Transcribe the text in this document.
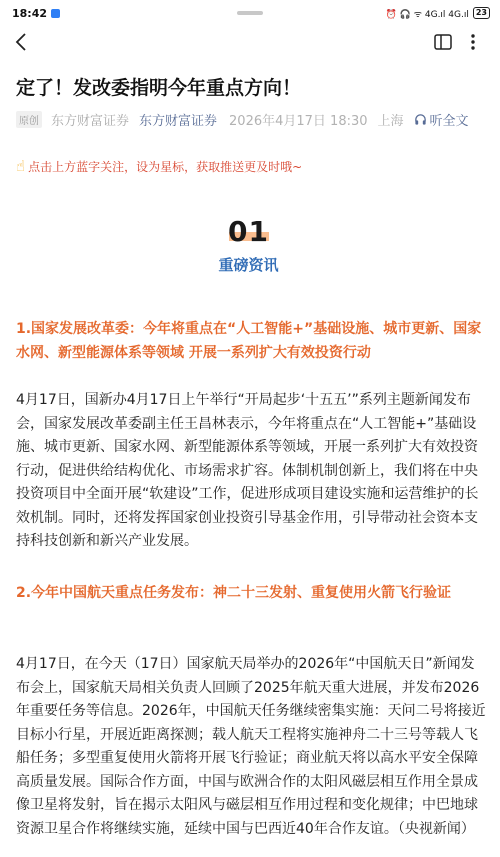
18:42	⏰ 🎧 ᯤ 4G.ıl 4G.ıl 23
定了！发改委指明今年重点方向！
原创 东方财富证券 东方财富证券 2026年4月17日 18:30 上海 听全文
☝ 点击上方蓝字关注，设为星标，获取推送更及时哦~
01
重磅资讯
1.国家发展改革委：今年将重点在“人工智能+”基础设施、城市更新、国家水网、新型能源体系等领域 开展一系列扩大有效投资行动
4月17日，国新办4月17日上午举行“开局起步‘十五五’”系列主题新闻发布会，国家发展改革委副主任王昌林表示，今年将重点在“人工智能+”基础设施、城市更新、国家水网、新型能源体系等领域，开展一系列扩大有效投资行动，促进供给结构优化、市场需求扩容。体制机制创新上，我们将在中央投资项目中全面开展“软建设”工作，促进形成项目建设实施和运营维护的长效机制。同时，还将发挥国家创业投资引导基金作用，引导带动社会资本支持科技创新和新兴产业发展。
2.今年中国航天重点任务发布：神二十三发射、重复使用火箭飞行验证
4月17日，在今天（17日）国家航天局举办的2026年“中国航天日”新闻发布会上，国家航天局相关负责人回顾了2025年航天重大进展，并发布2026年重要任务等信息。2026年，中国航天任务继续密集实施：天问二号将接近目标小行星，开展近距离探测；载人航天工程将实施神舟二十三号等载人飞船任务；多型重复使用火箭将开展飞行验证；商业航天将以高水平安全保障高质量发展。国际合作方面，中国与欧洲合作的太阳风磁层相互作用全景成像卫星将发射，旨在揭示太阳风与磁层相互作用过程和变化规律；中巴地球资源卫星合作将继续实施，延续中国与巴西近40年合作友谊。（央视新闻）
